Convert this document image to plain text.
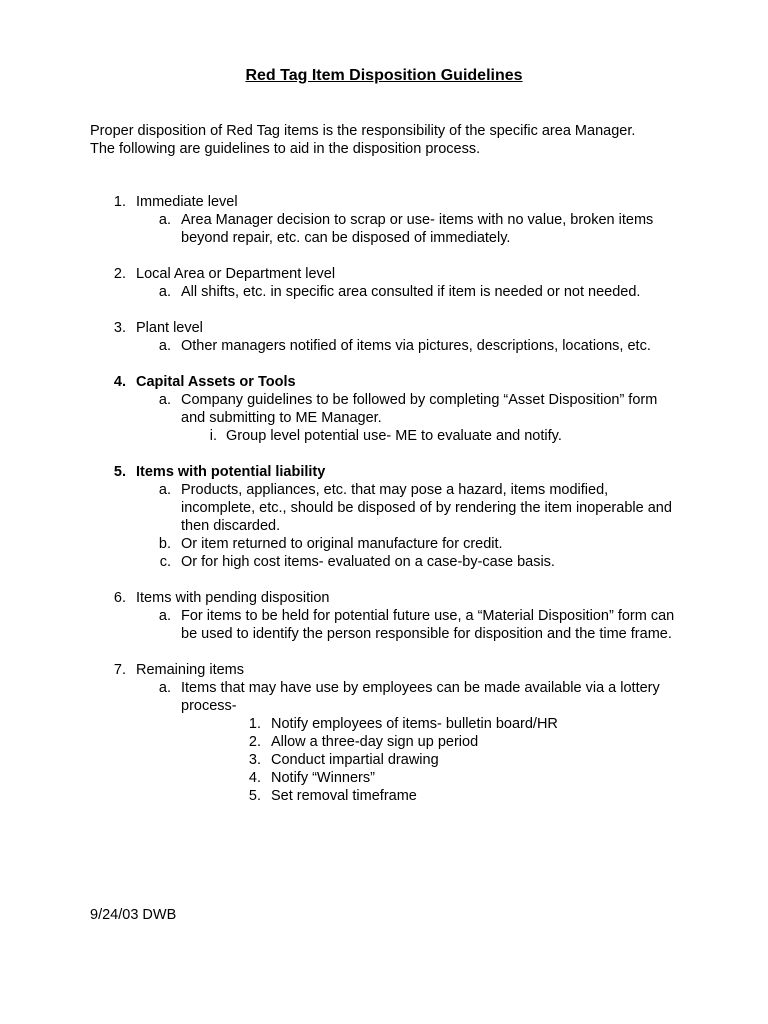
Red Tag Item Disposition Guidelines

Proper disposition of Red Tag items is the responsibility of the specific area Manager.

The following are guidelines to aid in the disposition process.

1. Immediate level
a. Area Manager decision to scrap or use- items with no value, broken items beyond repair, etc. can be disposed of immediately.
2. Local Area or Department level
a. All shifts, etc. in specific area consulted if item is needed or not needed.
3. Plant level
a. Other managers notified of items via pictures, descriptions, locations, etc.
4. Capital Assets or Tools
a. Company guidelines to be followed by completing “Asset Disposition” form and submitting to ME Manager.
i. Group level potential use- ME to evaluate and notify.
5. Items with potential liability
a. Products, appliances, etc. that may pose a hazard, items modified, incomplete, etc., should be disposed of by rendering the item inoperable and then discarded.
b. Or item returned to original manufacture for credit.
c. Or for high cost items- evaluated on a case-by-case basis.
6. Items with pending disposition
a. For items to be held for potential future use, a “Material Disposition” form can be used to identify the person responsible for disposition and the time frame.
7. Remaining items
a. Items that may have use by employees can be made available via a lottery process-
1. Notify employees of items- bulletin board/HR
2. Allow a three-day sign up period
3. Conduct impartial drawing
4. Notify “Winners”
5. Set removal timeframe
9/24/03 DWB
